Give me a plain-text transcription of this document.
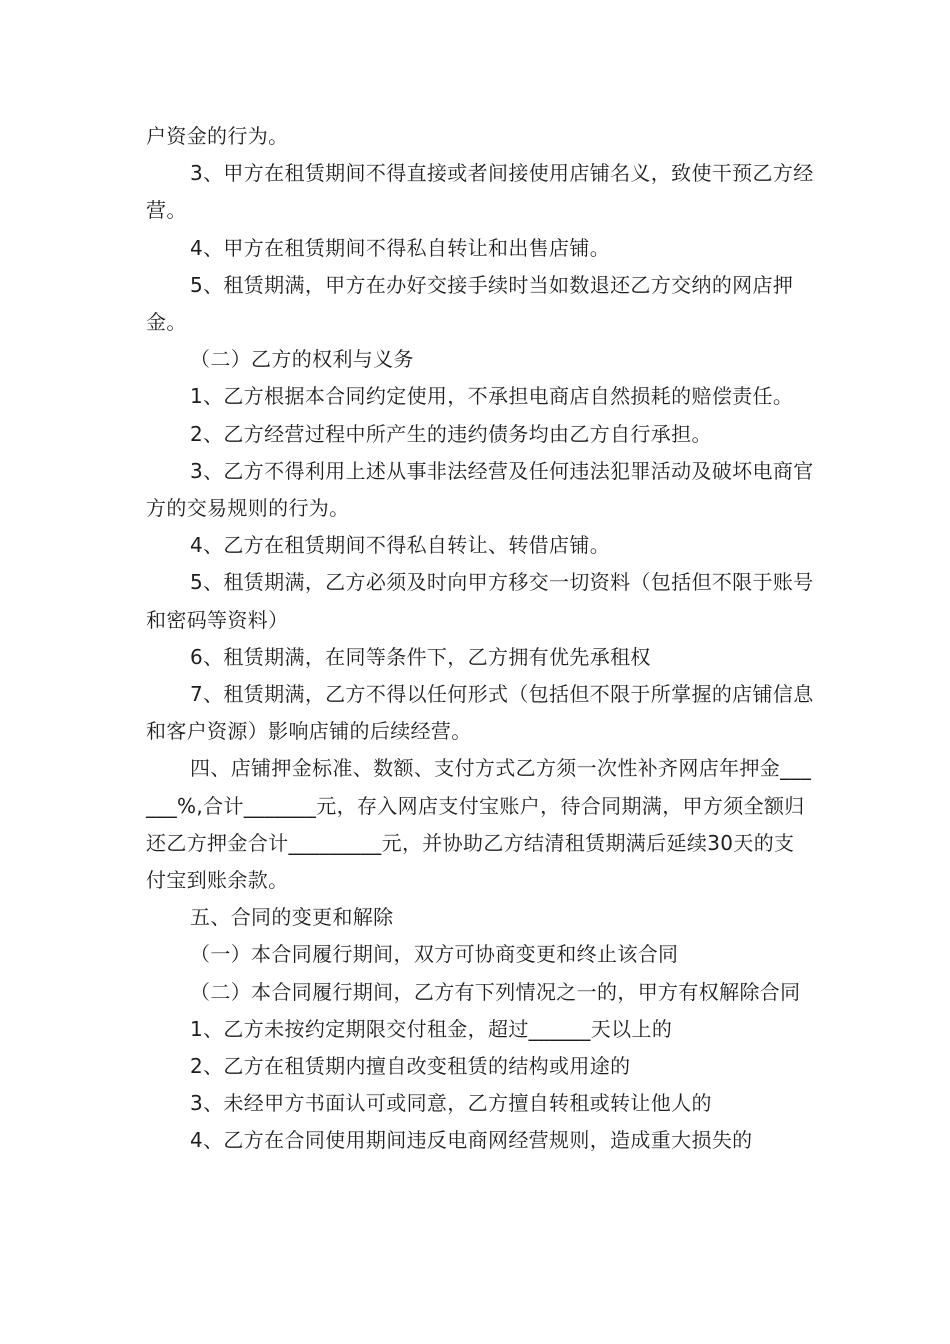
户资金的行为。

3、甲方在租赁期间不得直接或者间接使用店铺名义，致使干预乙方经营。

4、甲方在租赁期间不得私自转让和出售店铺。

5、租赁期满，甲方在办好交接手续时当如数退还乙方交纳的网店押金。

（二）乙方的权利与义务

1、乙方根据本合同约定使用，不承担电商店自然损耗的赔偿责任。

2、乙方经营过程中所产生的违约债务均由乙方自行承担。

3、乙方不得利用上述从事非法经营及任何违法犯罪活动及破坏电商官方的交易规则的行为。

4、乙方在租赁期间不得私自转让、转借店铺。

5、租赁期满，乙方必须及时向甲方移交一切资料（包括但不限于账号和密码等资料）

6、租赁期满，在同等条件下，乙方拥有优先承租权

7、租赁期满，乙方不得以任何形式（包括但不限于所掌握的店铺信息和客户资源）影响店铺的后续经营。

四、店铺押金标准、数额、支付方式乙方须一次性补齐网店年押金______%,合计_______元，存入网店支付宝账户，待合同期满，甲方须全额归还乙方押金合计_________元，并协助乙方结清租赁期满后延续30天的支付宝到账余款。

五、合同的变更和解除

（一）本合同履行期间，双方可协商变更和终止该合同

（二）本合同履行期间，乙方有下列情况之一的，甲方有权解除合同

1、乙方未按约定期限交付租金，超过______天以上的

2、乙方在租赁期内擅自改变租赁的结构或用途的

3、未经甲方书面认可或同意，乙方擅自转租或转让他人的

4、乙方在合同使用期间违反电商网经营规则，造成重大损失的
